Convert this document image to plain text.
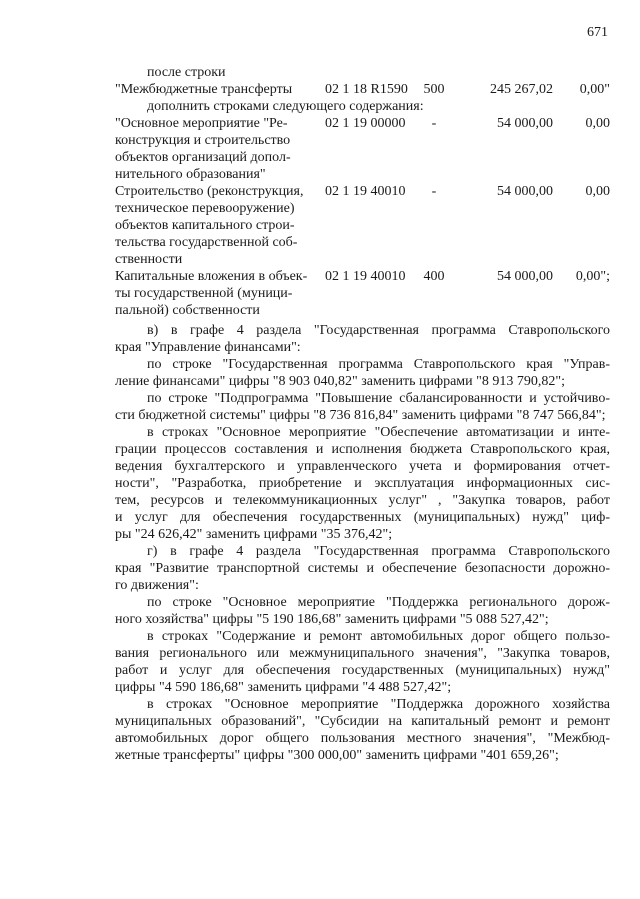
671
после строки
"Межбюджетные трансферты	02 1 18 R1590	500	245 267,02	0,00"
дополнить строками следующего содержания:
"Основное мероприятие "Ре-
конструкция и строительство
объектов организаций допол-
нительного образования"
02 1 19 00000	-	54 000,00	0,00
Строительство (реконструкция,
техническое перевооружение)
объектов капитального строи-
тельства государственной соб-
ственности
02 1 19 40010	-	54 000,00	0,00
Капитальные вложения в объек-
ты государственной (муници-
пальной) собственности
02 1 19 40010	400	54 000,00	0,00";
в) в графе 4 раздела "Государственная программа Ставропольского
края "Управление финансами":
по строке "Государственная программа Ставропольского края "Управ-
ление финансами" цифры "8 903 040,82" заменить цифрами "8 913 790,82";
по строке "Подпрограмма "Повышение сбалансированности и устойчиво-
сти бюджетной системы" цифры "8 736 816,84" заменить цифрами "8 747 566,84";
в строках "Основное мероприятие "Обеспечение автоматизации и инте-
грации процессов составления и исполнения бюджета Ставропольского края,
ведения бухгалтерского и управленческого учета и формирования отчет-
ности", "Разработка, приобретение и эксплуатация информационных сис-
тем, ресурсов и телекоммуникационных услуг" , "Закупка товаров, работ
и услуг для обеспечения государственных (муниципальных) нужд" циф-
ры "24 626,42" заменить цифрами "35 376,42";
г) в графе 4 раздела "Государственная программа Ставропольского
края "Развитие транспортной системы и обеспечение безопасности дорожно-
го движения":
по строке "Основное мероприятие "Поддержка регионального дорож-
ного хозяйства" цифры "5 190 186,68" заменить цифрами "5 088 527,42";
в строках "Содержание и ремонт автомобильных дорог общего пользо-
вания регионального или межмуниципального значения", "Закупка товаров,
работ и услуг для обеспечения государственных (муниципальных) нужд"
цифры "4 590 186,68" заменить цифрами "4 488 527,42";
в строках "Основное мероприятие "Поддержка дорожного хозяйства
муниципальных образований", "Субсидии на капитальный ремонт и ремонт
автомобильных дорог общего пользования местного значения", "Межбюд-
жетные трансферты" цифры "300 000,00" заменить цифрами "401 659,26";
